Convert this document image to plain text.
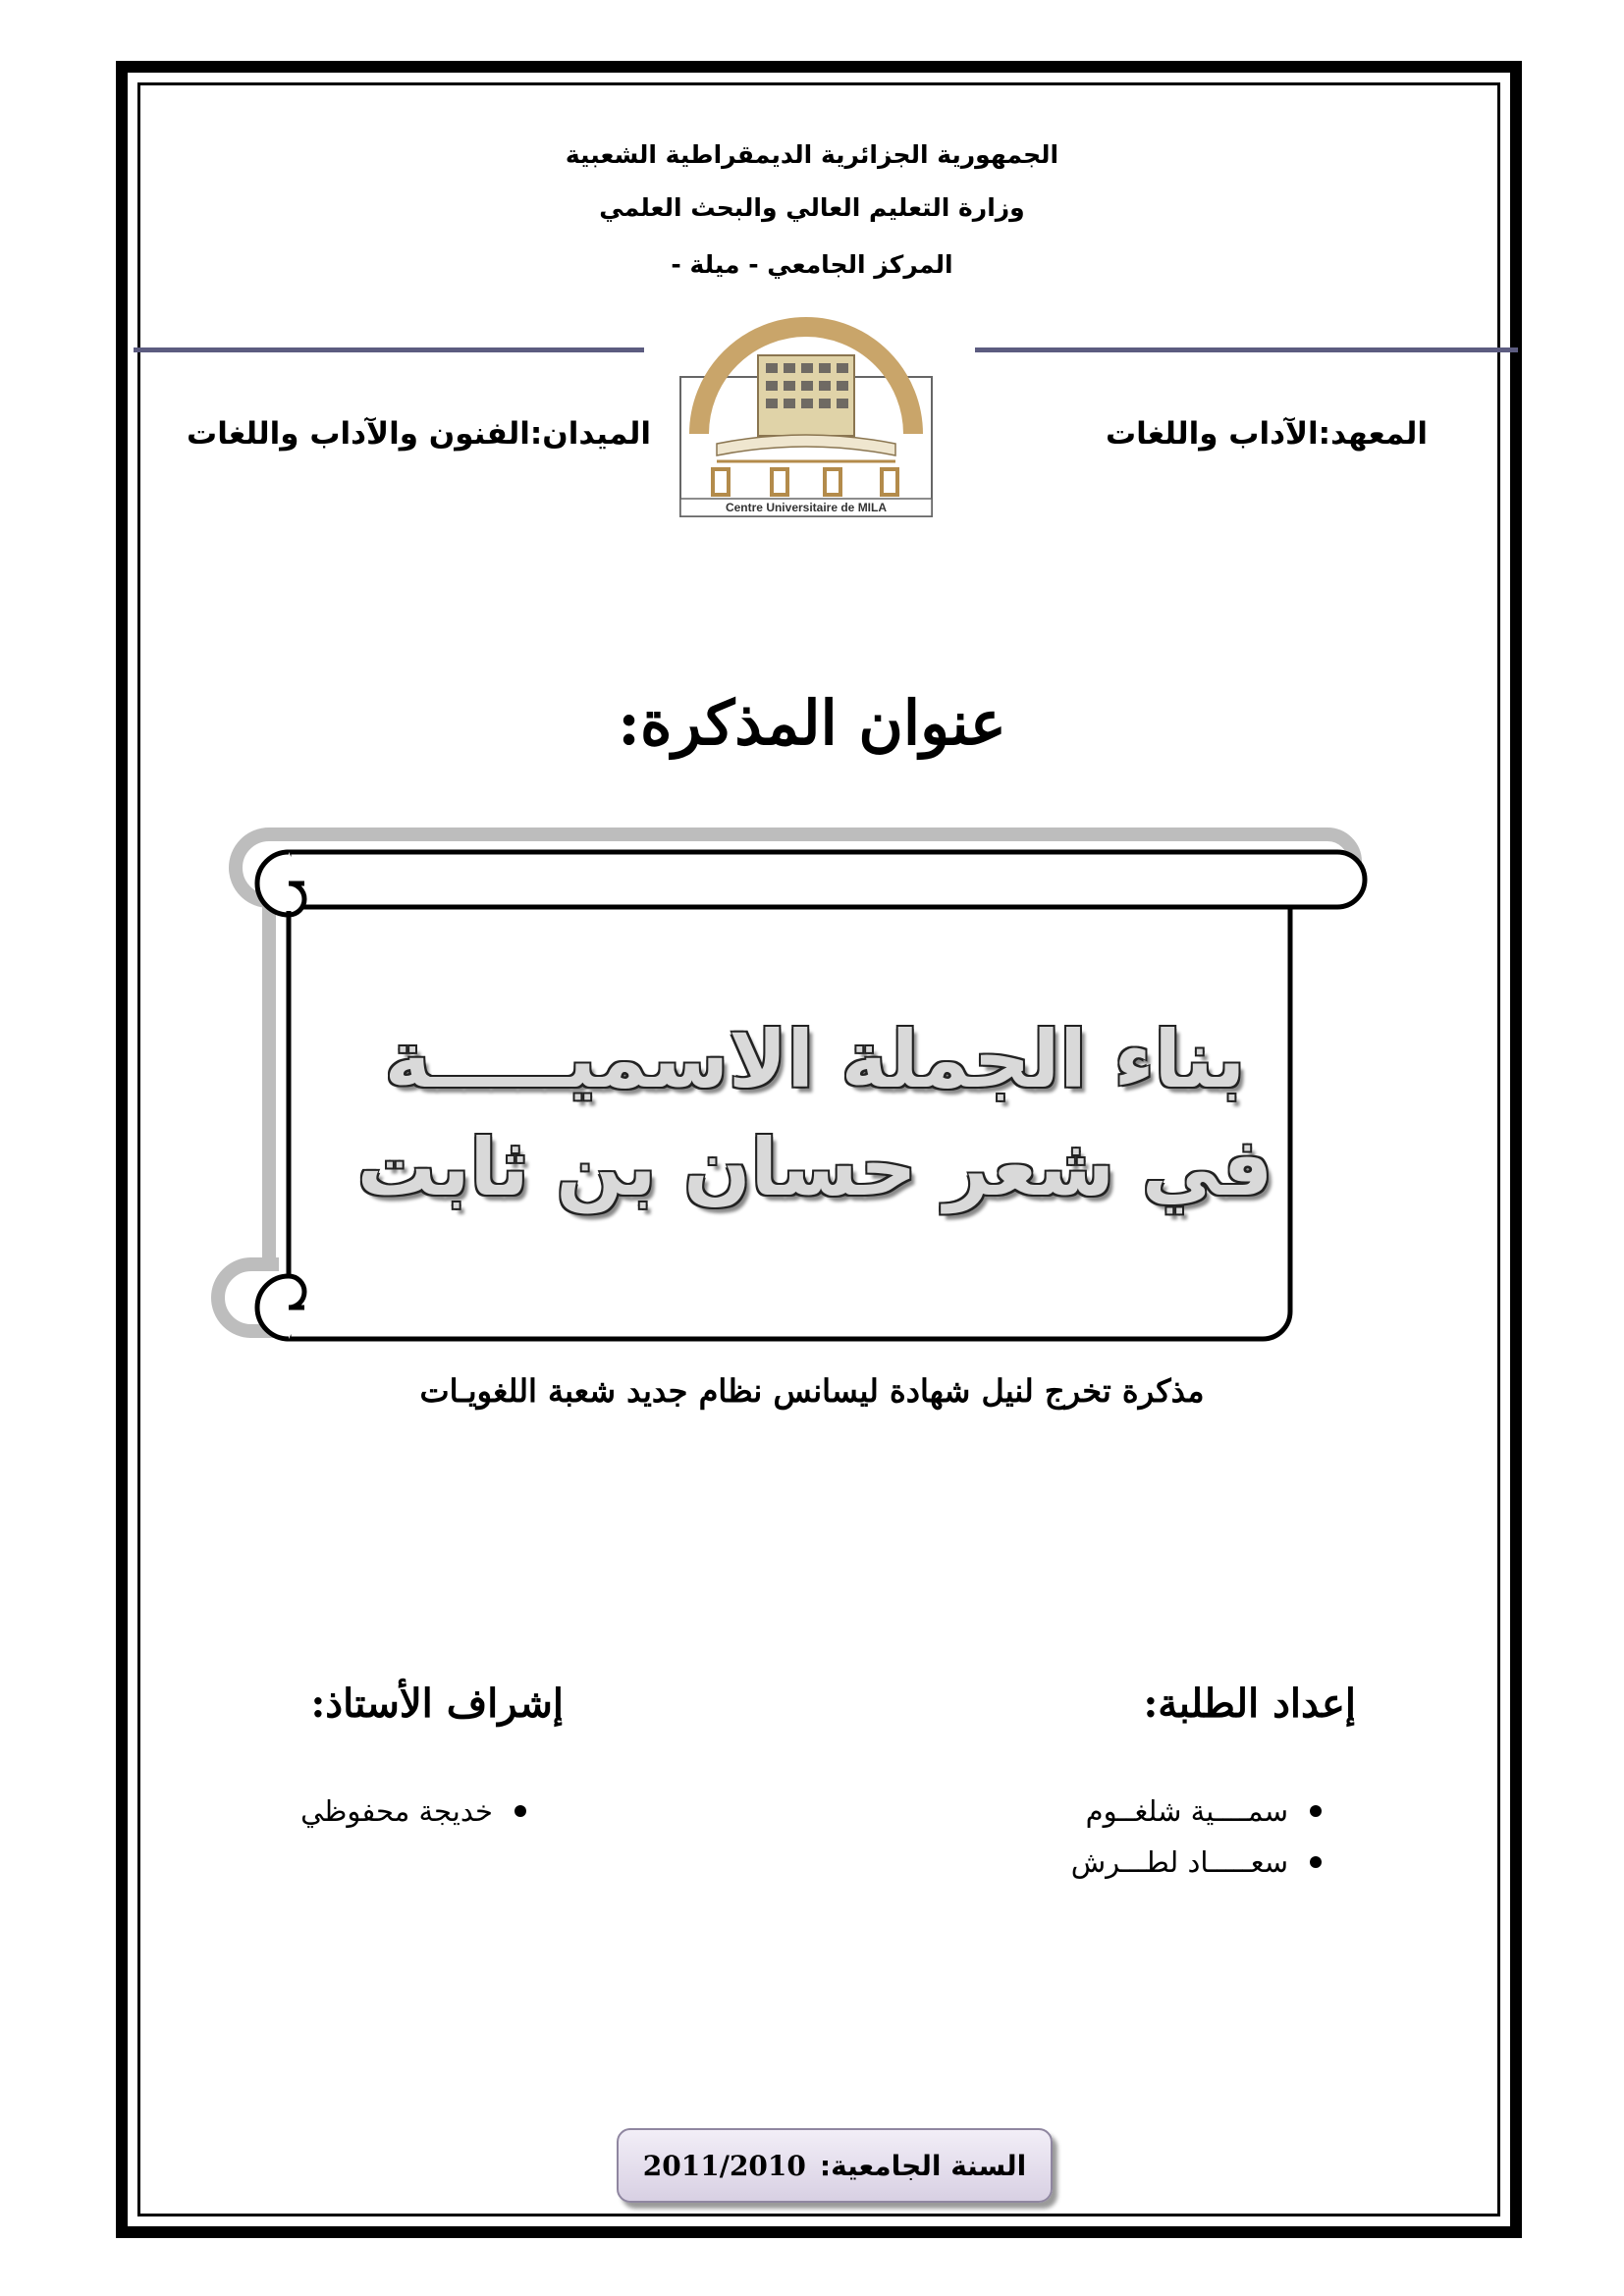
الجمهورية الجزائرية الديمقراطية الشعبية
وزارة التعليم العالي والبحث العلمي
المركز الجامعي - ميلة -
Centre Universitaire de MILA
المعهد:الآداب واللغات
الميدان:الفنون والآداب واللغات
عنوان المذكرة:
بناء الجملة الاسميـــــة
في شعر حسان بن ثابت
مذكرة تخرج لنيل شهادة ليسانس نظام جديد شعبة اللغويـات
إعداد الطلبة:
سمــــية شلغــوم
سعـــــاد لطـــرش
إشراف الأستاذ:
خديجة محفوظي
السنة الجامعية:
2011/2010
